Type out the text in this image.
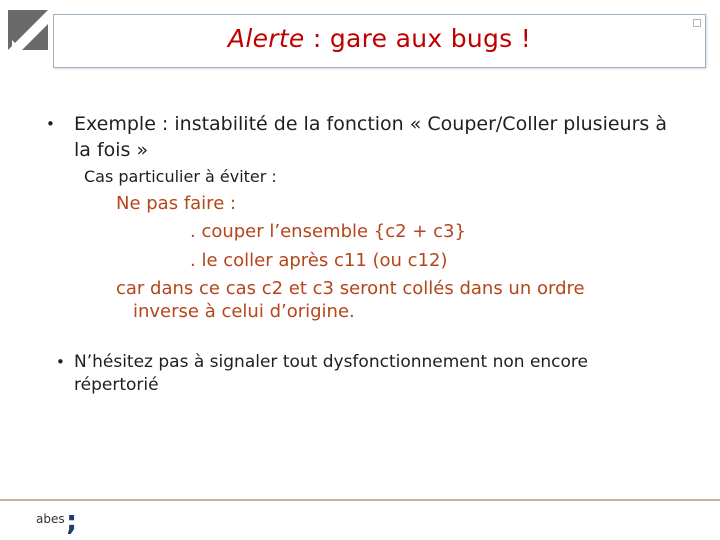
Alerte : gare aux bugs !
• Exemple : instabilité de la fonction « Couper/Coller plusieurs à la fois »
Cas particulier à éviter :
Ne pas faire :
. couper l’ensemble {c2 + c3}
. le coller après c11 (ou c12)
car dans ce cas c2 et c3 seront collés dans un ordre
inverse à celui d’origine.
• N’hésitez pas à signaler tout dysfonctionnement non encore répertorié
abes ;
